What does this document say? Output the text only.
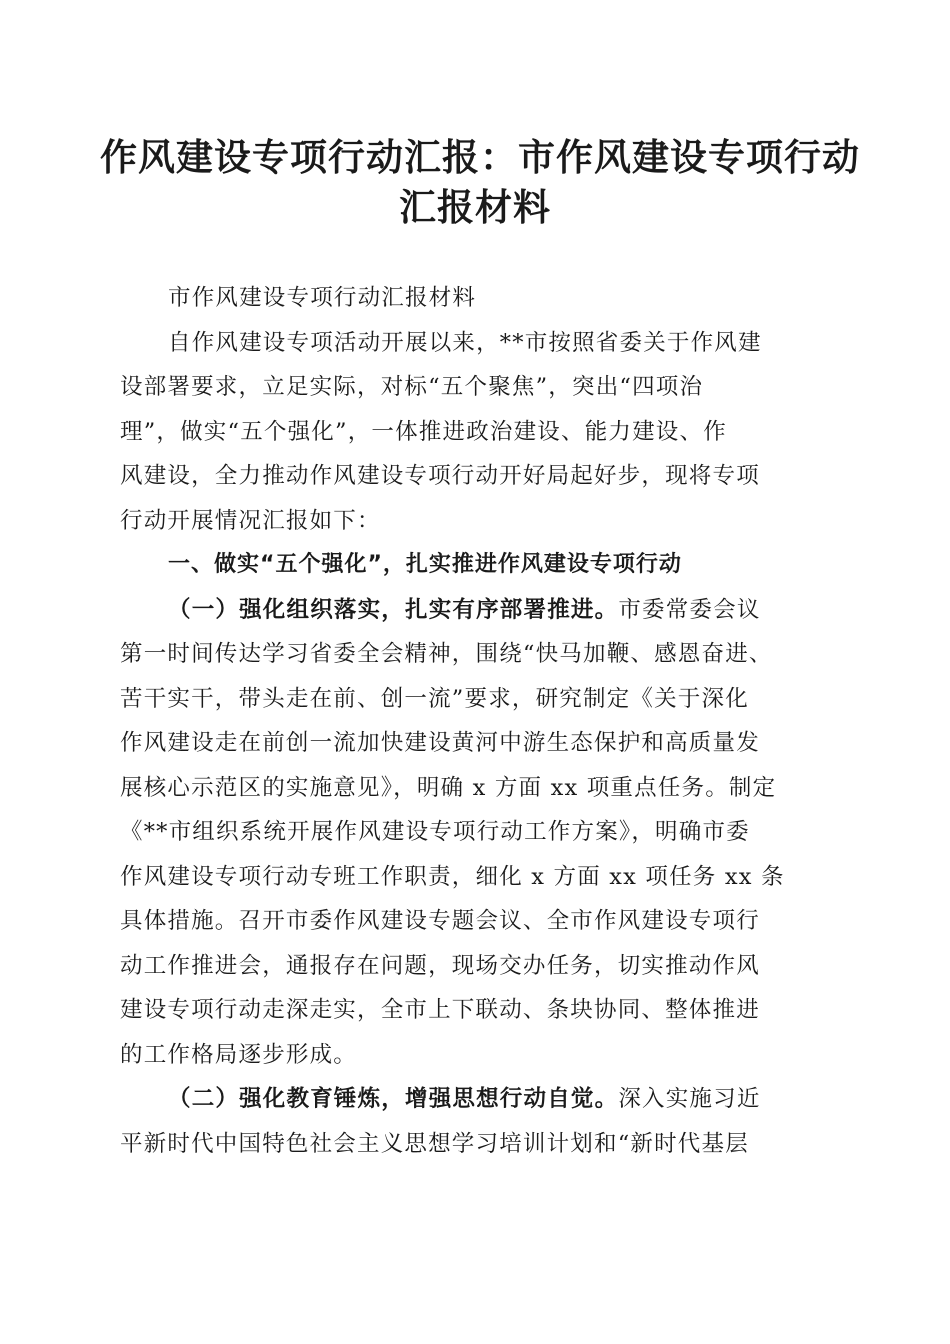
作风建设专项行动汇报：市作风建设专项行动
汇报材料
市作风建设专项行动汇报材料
自作风建设专项活动开展以来，**市按照省委关于作风建
设部署要求，立足实际，对标“五个聚焦”，突出“四项治
理”，做实“五个强化”，一体推进政治建设、能力建设、作
风建设，全力推动作风建设专项行动开好局起好步，现将专项
行动开展情况汇报如下：
一、做实“五个强化”，扎实推进作风建设专项行动
（一）强化组织落实，扎实有序部署推进。市委常委会议
第一时间传达学习省委全会精神，围绕“快马加鞭、感恩奋进、
苦干实干，带头走在前、创一流”要求，研究制定《关于深化
作风建设走在前创一流加快建设黄河中游生态保护和高质量发
展核心示范区的实施意见》，明确 x 方面 xx 项重点任务。制定
《**市组织系统开展作风建设专项行动工作方案》，明确市委
作风建设专项行动专班工作职责，细化 x 方面 xx 项任务 xx 条
具体措施。召开市委作风建设专题会议、全市作风建设专项行
动工作推进会，通报存在问题，现场交办任务，切实推动作风
建设专项行动走深走实，全市上下联动、条块协同、整体推进
的工作格局逐步形成。
（二）强化教育锤炼，增强思想行动自觉。深入实施习近
平新时代中国特色社会主义思想学习培训计划和“新时代基层
